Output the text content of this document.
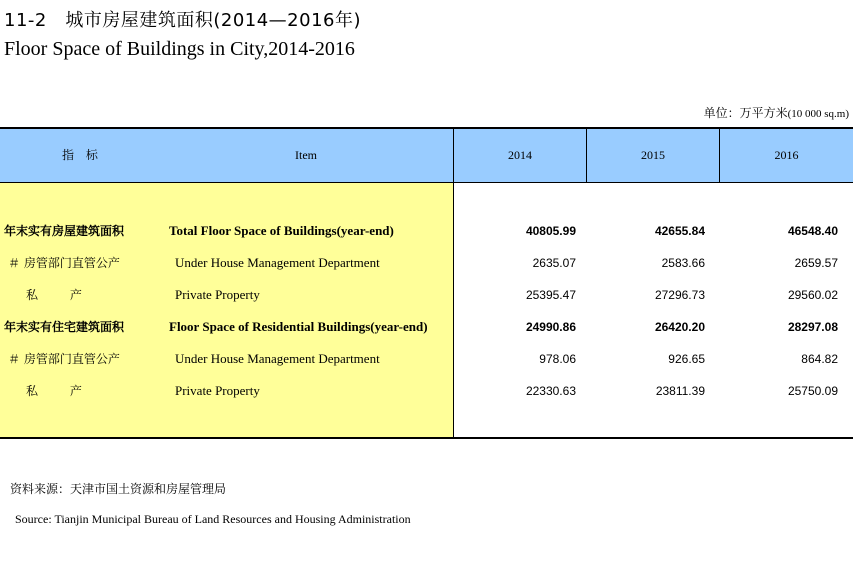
11-2　城市房屋建筑面积(2014—2016年)
Floor Space of Buildings in City,2014-2016
单位：万平方米(10 000 sq.m)
指 标	Item	2014	2015	2016
年末实有房屋建筑面积	Total Floor Space of Buildings(year-end)	40805.99	42655.84	46548.40
＃ 房管部门直管公产	Under House Management Department	2635.07	2583.66	2659.57
私 产	Private Property	25395.47	27296.73	29560.02
年末实有住宅建筑面积	Floor Space of Residential Buildings(year-end)	24990.86	26420.20	28297.08
＃ 房管部门直管公产	Under House Management Department	978.06	926.65	864.82
私 产	Private Property	22330.63	23811.39	25750.09
资料来源：天津市国土资源和房屋管理局
Source: Tianjin Municipal Bureau of Land Resources and Housing Administration
